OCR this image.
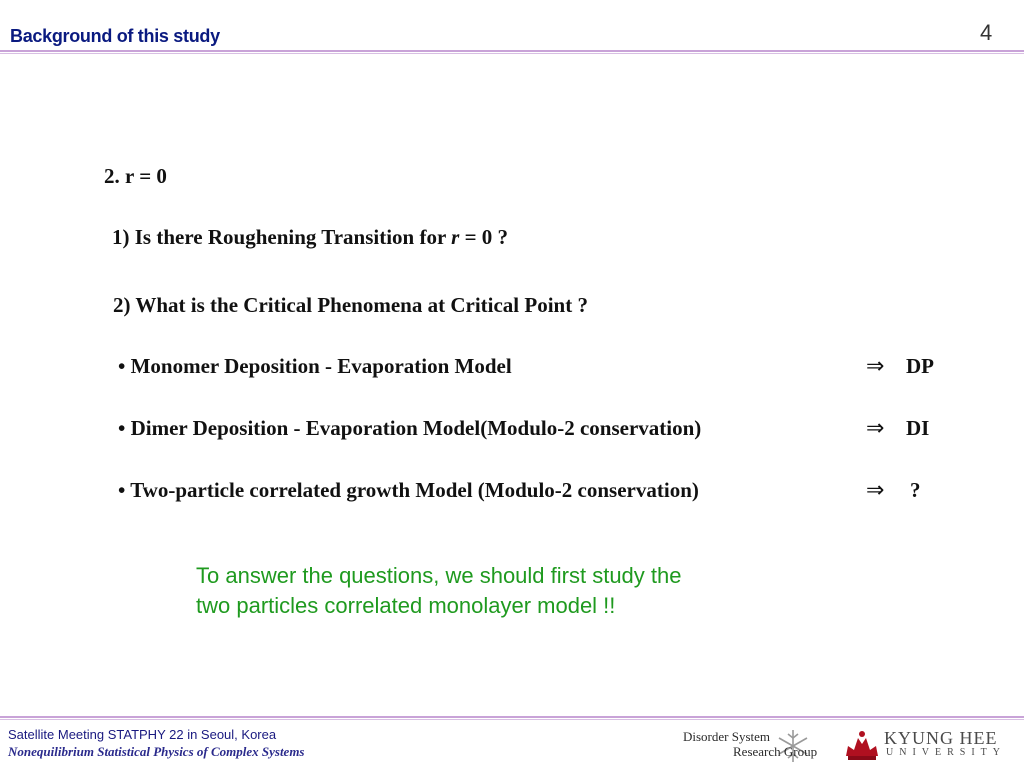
Background of this study	4
2. r = 0
1) Is there Roughening Transition for r = 0 ?
2) What is the Critical Phenomena at Critical Point ?
• Monomer Deposition - Evaporation Model	⇒ DP
• Dimer Deposition - Evaporation Model(Modulo-2 conservation)	⇒ DI
• Two-particle correlated growth Model (Modulo-2 conservation)	⇒ ?
To answer the questions, we should first study the
two particles correlated monolayer model !!
Satellite Meeting STATPHY 22 in Seoul, Korea
Nonequilibrium Statistical Physics of Complex Systems
Disorder System
Research Group
KYUNG HEE
UNIVERSITY
